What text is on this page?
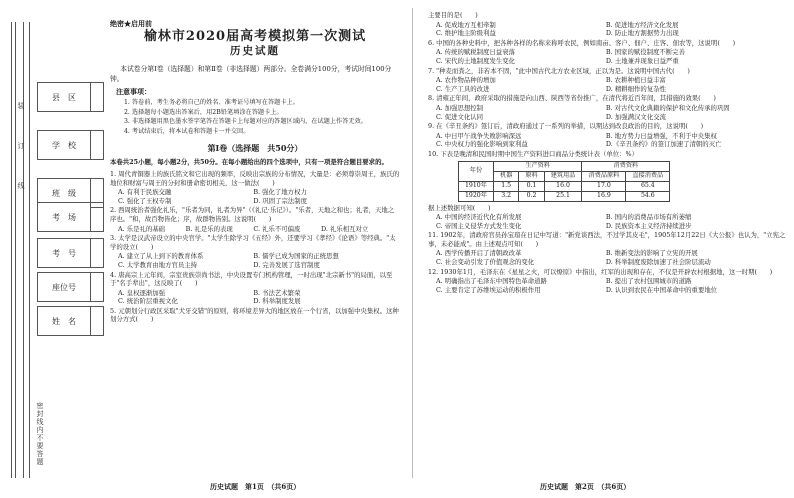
装　　　　订　　　　线
密封线内不要答题
县　区
学　校
班　级
考　场
考　号
座位号
姓　名
绝密★启用前
榆林市2020届高考模拟第一次测试
历史试题
本试卷分第Ⅰ卷（选择题）和第Ⅱ卷（非选择题）两部分。全卷满分100分，考试时间100分钟。
注意事项：
1. 答卷前，考生务必将自己的姓名、准考证号填写在答题卡上。
2. 选择题每小题选出答案后，用2B铅笔填涂在答题卡上。
3. 非选择题用黑色墨水签字笔答在答题卡上每题对应的答题区域内，在试题上作答无效。
4. 考试结束后，将本试卷和答题卡一并交回。
第Ⅰ卷（选择题　共50分）
本卷共25小题，每小题2分，共50分。在每小题给出的四个选项中，只有一项是符合题目要求的。
1. 周代青铜器上的族氏铭文和它出现的频率，反映出宗族的分布情况，大量是：必须尊崇周王，族氏的地位和财富与周王的分封和册命密切相关，这一做法(　　)
A. 有利于民族交融	B. 强化了地方权力
C. 强化了王权专制	D. 巩固了宗法制度
2. 西周统治者强化礼乐，"乐者为同，礼者为异"（《礼记·乐记》）。"乐者，天地之和也；礼者，天地之序也。"和，故百物皆化；序，故群物皆别。这说明(　　)
A. 乐是礼的基础	B. 礼是乐的表现	C. 礼乐不可偏废	D. 礼乐相互对立
3. 太学是汉武帝设立的中央官学。"太学生除学习《五经》外，还要学习《孝经》《论语》等经典。"太学的设立(　　)
A. 建立了从上到下的教育体系	B. 儒学已成为国家的正统思想
C. 太学教育由地方官员主持	D. 完善发展了选官制度
4. 唐高宗上元年间，宗室贵族崇尚书法，中央设置专门机构管理，一时出现"北宗新书"的局面，以至于"名手辈出"，这反映了(　　)
A. 皇权逐渐加强	B. 书法艺术繁荣
C. 统治阶层重视文化	D. 科举制度发展
5. 元朝划分行政区采取"犬牙交错"的原则，将环境差异大的地区放在一个行省，以加强中央集权。这种划分方式(　　)
主要目的是(　　)
A. 促成地方互相牵制	B. 促进地方经济文化发展
C. 维护地主阶级利益	D. 防止地方割据势力出现
6. 中国的各种史料中，把各种各样的名称来称呼农民，例如南亩、客户、佃户、庄客、佃农等，这说明(　　)
A. 传统的赋税制度日益衰落	B. 国家的赋役制度不断完善
C. 宋代的土地制度发生变化	D. 土地兼并现象日益严重
7. "种麦而粪之，非若本不固，"此中国古代北方农业区域，正以为是。这说明中国古代(　　)
A. 农作物品种的增加	B. 农耕种植日益丰富
C. 生产工具的改进	D. 精耕细作的复杂性
8. 清雍正年间，政府采取的措施是向山西、陕西等省份推广，在清代将近百年间，其措施的效果(　　)
A. 加强思想控制	B. 对古代文化典籍的保护和文化传承的巩固
C. 促进文化认同	D. 加强满汉文化交流
9. 在《辛丑条约》签订后，清政府通过了一系列的举措，以期达到改良政治的目的，这说明(　　)
A. 中日甲午战争失败影响深远	B. 地方势力日益增强，不利于中央集权
C. 中央权力的强化影响到家利益	D.《辛丑条约》的签订加速了清朝的灭亡
10. 下表是晚清和民国时期中国生产资料进口商品分类统计表（单位：%）
年份	生产资料			消费资料	
	机器	原料	建筑用品	消费品原料	直接消费品
1910年	1.5	0.1	16.0	17.0	65.4
1920年	3.2	0.2	25.1	16.9	54.6
据上述数据可知(　　)
A. 中国的经济近代化有所发展	B. 国内的消费品市场有所萎缩
C. 帝国主义侵华方式发生变化	D. 民族资本主义经济持续进步
11. 1902年，清政府官员孙宝瑄在日记中写道："新党谈西法，不过学其皮毛"，1905年12月22日《大公报》也认为，"立宪之事，未必能成"。由上述观点可知(　　)
A. 西学传播开启了清朝政改革	B. 维新变法的影响了立宪的开展
C. 社会变动引发了价值观念的变化	D. 科举制度废除加速了社会阶层流动
12. 1930年1月，毛泽东在《星星之火，可以燎原》中指出，红军的出现和存在，不仅是开辟农村根据地，这一时期(　　)
A. 明确指出了毛泽东中国特色革命道路	B. 提出了农村包围城市的道路
C. 主要肯定了苏维埃运动的积极作用	D. 认识到农民在中国革命中的重要地位
历史试题　第1页　（共6页）	历史试题　第2页　（共6页）
